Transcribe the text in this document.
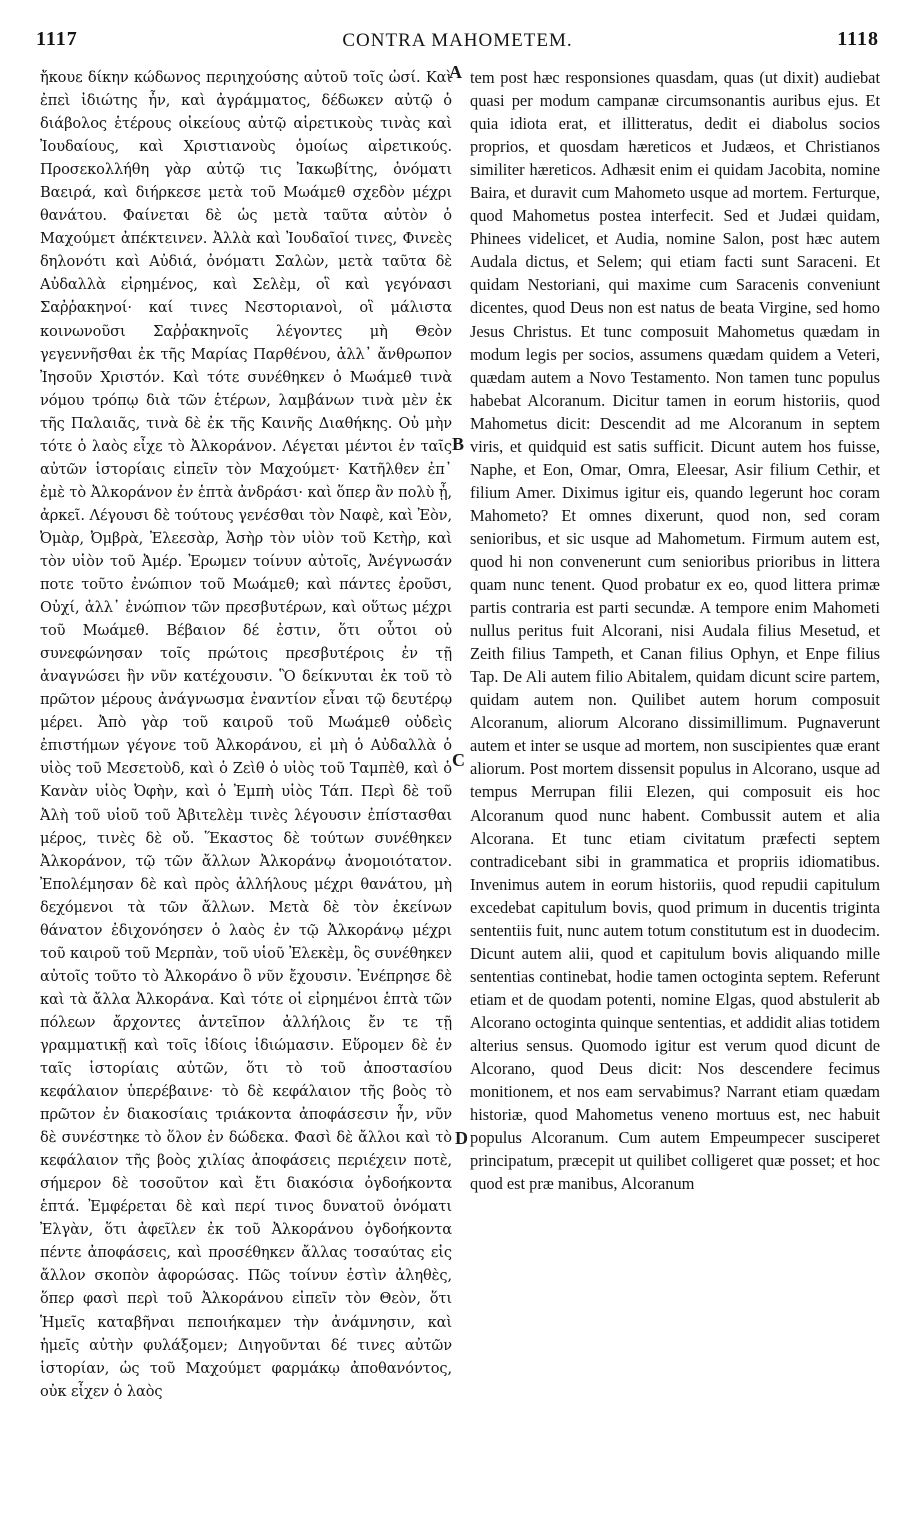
1117	CONTRA MAHOMETEM.	1118

ἤκουε δίκην κώδωνος περιηχούσης αὐτοῦ τοῖς ὠσί. Καὶ ἐπεὶ ἰδιώτης ἦν, καὶ ἀγράμματος, δέδωκεν αὐτῷ ὁ διάβολος ἑτέρους οἰκείους αὐτῷ αἱρετικοὺς τινὰς καὶ Ἰουδαίους, καὶ Χριστιανοὺς ὁμοίως αἱρετικούς. Προσεκολλήθη γὰρ αὐτῷ τις Ἰακωβίτης, ὀνόματι Βαειρά, καὶ διήρκεσε μετὰ τοῦ Μωάμεθ σχεδὸν μέχρι θανάτου. Φαίνεται δὲ ὡς μετὰ ταῦτα αὐτὸν ὁ Μαχούμετ ἀπέκτεινεν. Ἀλλὰ καὶ Ἰουδαῖοί τινες, Φινεὲς δηλονότι καὶ Αὐδιά, ὀνόματι Σαλὼν, μετὰ ταῦτα δὲ Αὐδαλλὰ εἰρημένος, καὶ Σελὲμ, οἳ καὶ γεγόνασι Σαῤῥακηνοί· καί τινες Νεστοριανοὶ, οἳ μάλιστα κοινωνοῦσι Σαῤῥακηνοῖς λέγοντες μὴ Θεὸν γεγεννῆσθαι ἐκ τῆς Μαρίας Παρθένου, ἀλλ᾽ ἄνθρωπον Ἰησοῦν Χριστόν. Καὶ τότε συνέθηκεν ὁ Μωάμεθ τινὰ νόμου τρόπῳ διὰ τῶν ἑτέρων, λαμβάνων τινὰ μὲν ἐκ τῆς Παλαιᾶς, τινὰ δὲ ἐκ τῆς Καινῆς Διαθήκης. Οὐ μὴν τότε ὁ λαὸς εἶχε τὸ Ἀλκοράνον. Λέγεται μέντοι ἐν ταῖς αὐτῶν ἱστορίαις εἰπεῖν τὸν Μαχούμετ· Κατῆλθεν ἐπ᾽ ἐμὲ τὸ Ἀλκοράνον ἐν ἑπτὰ ἀνδράσι· καὶ ὅπερ ἂν πολὺ ᾖ, ἀρκεῖ. Λέγουσι δὲ τούτους γενέσθαι τὸν Ναφὲ, καὶ Ἐὸν, Ὀμὰρ, Ὀμβρὰ, Ἐλεεσὰρ, Ἀσὴρ τὸν υἱὸν τοῦ Κετὴρ, καὶ τὸν υἱὸν τοῦ Ἀμέρ. Ἐρωμεν τοίνυν αὐτοῖς, Ἀνέγνωσάν ποτε τοῦτο ἐνώπιον τοῦ Μωάμεθ; καὶ πάντες ἐροῦσι, Οὐχί, ἀλλ᾽ ἐνώπιον τῶν πρεσβυτέρων, καὶ οὕτως μέχρι τοῦ Μωάμεθ. Βέβαιον δέ ἐστιν, ὅτι οὗτοι οὐ συνεφώνησαν τοῖς πρώτοις πρεσβυτέροις ἐν τῇ ἀναγνώσει ἣν νῦν κατέχουσιν. Ὃ δείκνυται ἐκ τοῦ τὸ πρῶτον μέρους ἀνάγνωσμα ἐναντίον εἶναι τῷ δευτέρῳ μέρει. Ἀπὸ γὰρ τοῦ καιροῦ τοῦ Μωάμεθ οὐδεὶς ἐπιστήμων γέγονε τοῦ Ἀλκοράνου, εἰ μὴ ὁ Αὐδαλλὰ ὁ υἱὸς τοῦ Μεσετοὺδ, καὶ ὁ Ζεὶθ ὁ υἱὸς τοῦ Ταμπὲθ, καὶ ὁ Κανὰν υἱὸς Ὀφὴν, καὶ ὁ Ἐμπὴ υἱὸς Τάπ. Περὶ δὲ τοῦ Ἀλὴ τοῦ υἱοῦ τοῦ Ἀβιτελὲμ τινὲς λέγουσιν ἐπίστασθαι μέρος, τινὲς δὲ οὔ. Ἕκαστος δὲ τούτων συνέθηκεν Ἀλκοράνον, τῷ τῶν ἄλλων Ἀλκοράνῳ ἀνομοιότατον. Ἐπολέμησαν δὲ καὶ πρὸς ἀλλήλους μέχρι θανάτου, μὴ δεχόμενοι τὰ τῶν ἄλλων. Μετὰ δὲ τὸν ἐκείνων θάνατον ἐδιχονόησεν ὁ λαὸς ἐν τῷ Ἀλκοράνῳ μέχρι τοῦ καιροῦ τοῦ Μερπὰν, τοῦ υἱοῦ Ἐλεκὲμ, ὃς συνέθηκεν αὐτοῖς τοῦτο τὸ Ἀλκοράνο ὃ νῦν ἔχουσιν. Ἐνέπρησε δὲ καὶ τὰ ἄλλα Ἀλκοράνα. Καὶ τότε οἱ εἰρημένοι ἑπτὰ τῶν πόλεων ἄρχοντες ἀντεῖπον ἀλλήλοις ἔν τε τῇ γραμματικῇ καὶ τοῖς ἰδίοις ἰδιώμασιν. Εὕρομεν δὲ ἐν ταῖς ἱστορίαις αὐτῶν, ὅτι τὸ τοῦ ἀποστασίου κεφάλαιον ὑπερέβαινε· τὸ δὲ κεφάλαιον τῆς βοὸς τὸ πρῶτον ἐν διακοσίαις τριάκοντα ἀποφάσεσιν ἦν, νῦν δὲ συνέστηκε τὸ ὅλον ἐν δώδεκα. Φασὶ δὲ ἄλλοι καὶ τὸ κεφάλαιον τῆς βοὸς χιλίας ἀποφάσεις περιέχειν ποτὲ, σήμερον δὲ τοσοῦτον καὶ ἔτι διακόσια ὀγδοήκοντα ἑπτά. Ἐμφέρεται δὲ καὶ περί τινος δυνατοῦ ὀνόματι Ἐλγὰν, ὅτι ἀφεῖλεν ἐκ τοῦ Ἀλκοράνου ὀγδοήκοντα πέντε ἀποφάσεις, καὶ προσέθηκεν ἄλλας τοσαύτας εἰς ἄλλον σκοπὸν ἀφορώσας. Πῶς τοίνυν ἐστὶν ἀληθὲς, ὅπερ φασὶ περὶ τοῦ Ἀλκοράνου εἰπεῖν τὸν Θεὸν, ὅτι Ἡμεῖς καταβῆναι πεποιήκαμεν τὴν ἀνάμνησιν, καὶ ἡμεῖς αὐτὴν φυλάξομεν; Διηγοῦνται δέ τινες αὐτῶν ἱστορίαν, ὡς τοῦ Μαχούμετ φαρμάκῳ ἀποθανόντος, οὐκ εἶχεν ὁ λαὸς

A
B
C
D

tem post hæc responsiones quasdam, quas (ut dixit) audiebat quasi per modum campanæ circumsonantis auribus ejus. Et quia idiota erat, et illitteratus, dedit ei diabolus socios proprios, et quosdam hæreticos et Judæos, et Christianos similiter hæreticos. Adhæsit enim ei quidam Jacobita, nomine Baira, et duravit cum Mahometo usque ad mortem. Ferturque, quod Mahometus postea interfecit. Sed et Judæi quidam, Phinees videlicet, et Audia, nomine Salon, post hæc autem Audala dictus, et Selem; qui etiam facti sunt Saraceni. Et quidam Nestoriani, qui maxime cum Saracenis conveniunt dicentes, quod Deus non est natus de beata Virgine, sed homo Jesus Christus. Et tunc composuit Mahometus quædam in modum legis per socios, assumens quædam quidem a Veteri, quædam autem a Novo Testamento. Non tamen tunc populus habebat Alcoranum. Dicitur tamen in eorum historiis, quod Mahometus dicit: Descendit ad me Alcoranum in septem viris, et quidquid est satis sufficit. Dicunt autem hos fuisse, Naphe, et Eon, Omar, Omra, Eleesar, Asir filium Cethir, et filium Amer. Diximus igitur eis, quando legerunt hoc coram Mahometo? Et omnes dixerunt, quod non, sed coram senioribus, et sic usque ad Mahometum. Firmum autem est, quod hi non convenerunt cum senioribus prioribus in littera quam nunc tenent. Quod probatur ex eo, quod littera primæ partis contraria est parti secundæ. A tempore enim Mahometi nullus peritus fuit Alcorani, nisi Audala filius Mesetud, et Zeith filius Tampeth, et Canan filius Ophyn, et Enpe filius Tap. De Ali autem filio Abitalem, quidam dicunt scire partem, quidam autem non. Quilibet autem horum composuit Alcoranum, aliorum Alcorano dissimillimum. Pugnaverunt autem et inter se usque ad mortem, non suscipientes quæ erant aliorum. Post mortem dissensit populus in Alcorano, usque ad tempus Merrupan filii Elezen, qui composuit eis hoc Alcoranum quod nunc habent. Combussit autem et alia Alcorana. Et tunc etiam civitatum præfecti septem contradicebant sibi in grammatica et propriis idiomatibus. Invenimus autem in eorum historiis, quod repudii capitulum excedebat capitulum bovis, quod primum in ducentis triginta sententiis fuit, nunc autem totum constitutum est in duodecim. Dicunt autem alii, quod et capitulum bovis aliquando mille sententias continebat, hodie tamen octoginta septem. Referunt etiam et de quodam potenti, nomine Elgas, quod abstulerit ab Alcorano octoginta quinque sententias, et addidit alias totidem alterius sensus. Quomodo igitur est verum quod dicunt de Alcorano, quod Deus dicit: Nos descendere fecimus monitionem, et nos eam servabimus? Narrant etiam quædam historiæ, quod Mahometus veneno mortuus est, nec habuit populus Alcoranum. Cum autem Empeumpecer susciperet principatum, præcepit ut quilibet colligeret quæ posset; et hoc quod est præ manibus, Alcoranum
